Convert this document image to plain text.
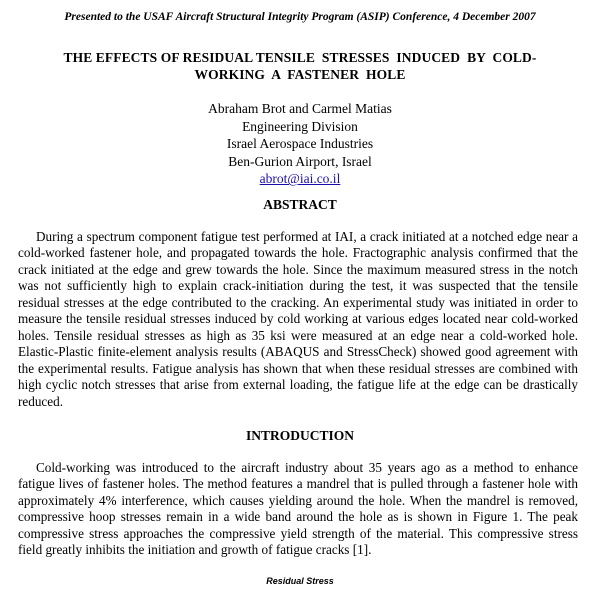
Presented to the USAF Aircraft Structural Integrity Program (ASIP) Conference, 4 December 2007
THE EFFECTS OF RESIDUAL TENSILE  STRESSES  INDUCED  BY  COLD-
WORKING  A  FASTENER  HOLE
Abraham Brot and Carmel Matias
Engineering Division
Israel Aerospace Industries
Ben-Gurion Airport, Israel
abrot@iai.co.il
ABSTRACT

During a spectrum component fatigue test performed at IAI, a crack initiated at a notched edge near a cold-worked fastener hole, and propagated towards the hole. Fractographic analysis confirmed that the crack initiated at the edge and grew towards the hole. Since the maximum measured stress in the notch was not sufficiently high to explain crack-initiation during the test, it was suspected that the tensile residual stresses at the edge contributed to the cracking. An experimental study was initiated in order to measure the tensile residual stresses induced by cold working at various edges located near cold-worked holes. Tensile residual stresses as high as 35 ksi were measured at an edge near a cold-worked hole. Elastic-Plastic finite-element analysis results (ABAQUS and StressCheck) showed good agreement with the experimental results. Fatigue analysis has shown that when these residual stresses are combined with high cyclic notch stresses that arise from external loading, the fatigue life at the edge can be drastically reduced.

INTRODUCTION

Cold-working was introduced to the aircraft industry about 35 years ago as a method to enhance fatigue lives of fastener holes. The method features a mandrel that is pulled through a fastener hole with approximately 4% interference, which causes yielding around the hole. When the mandrel is removed, compressive hoop stresses remain in a wide band around the hole as is shown in Figure 1. The peak compressive stress approaches the compressive yield strength of the material. This compressive stress field greatly inhibits the initiation and growth of fatigue cracks [1].

Residual Stress
